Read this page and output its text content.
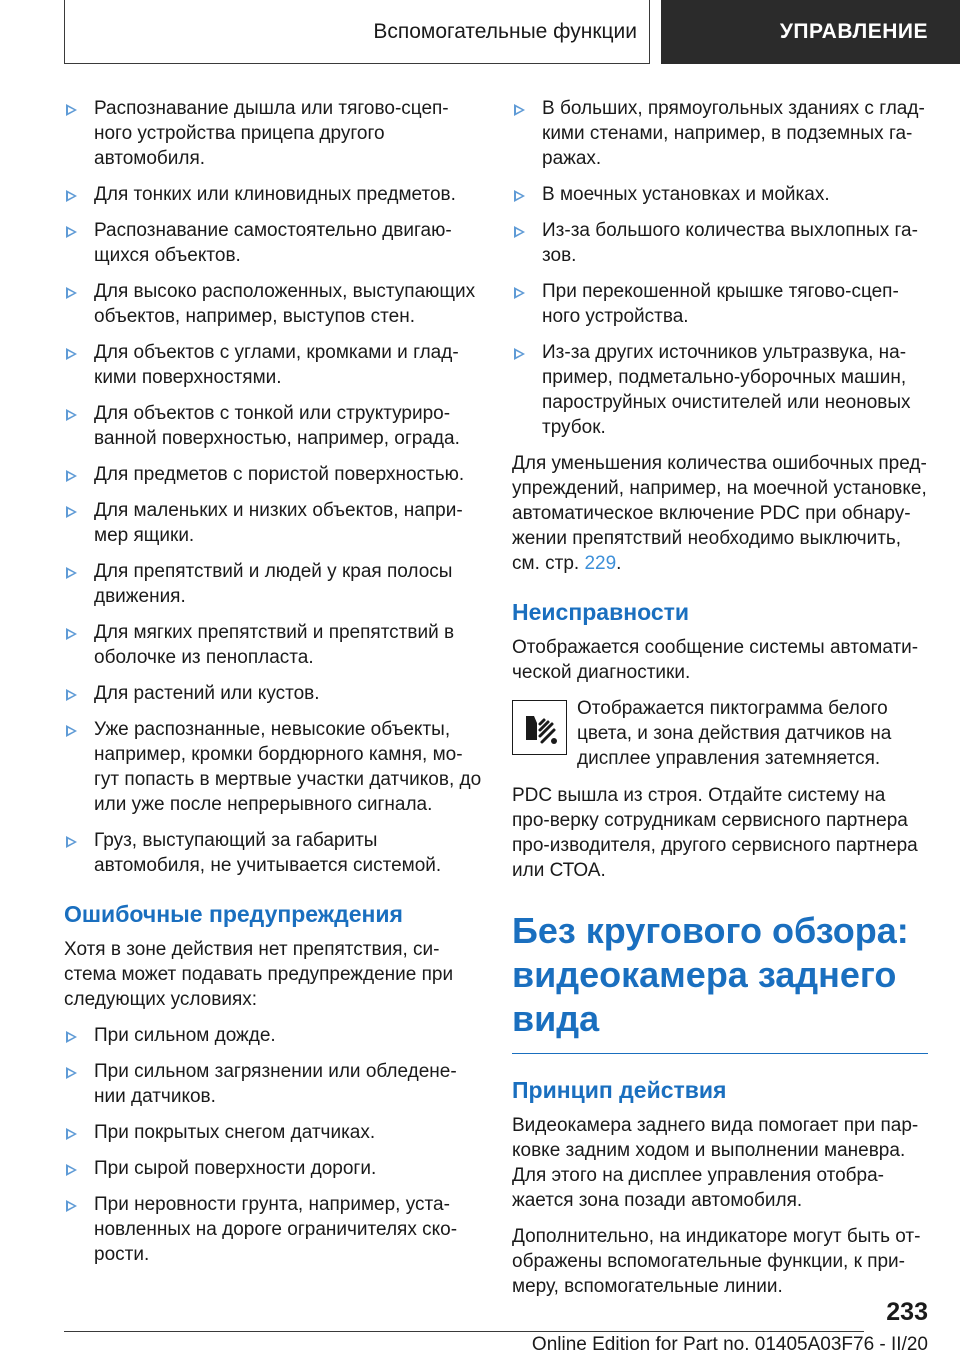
Вспомогательные функции	УПРАВЛЕНИЕ
Распознавание дышла или тягово-сцеп-ного устройства прицепа другого автомобиля.
Для тонких или клиновидных предметов.
Распознавание самостоятельно двигаю-щихся объектов.
Для высоко расположенных, выступающих объектов, например, выступов стен.
Для объектов с углами, кромками и глад-кими поверхностями.
Для объектов с тонкой или структуриро-ванной поверхностью, например, ограда.
Для предметов с пористой поверхностью.
Для маленьких и низких объектов, напри-мер ящики.
Для препятствий и людей у края полосы движения.
Для мягких препятствий и препятствий в оболочке из пенопласта.
Для растений или кустов.
Уже распознанные, невысокие объекты, например, кромки бордюрного камня, мо-гут попасть в мертвые участки датчиков, до или уже после непрерывного сигнала.
Груз, выступающий за габариты автомобиля, не учитывается системой.
Ошибочные предупреждения

Хотя в зоне действия нет препятствия, си-стема может подавать предупреждение при следующих условиях:

При сильном дожде.
При сильном загрязнении или обледене-нии датчиков.
При покрытых снегом датчиках.
При сырой поверхности дороги.
При неровности грунта, например, уста-новленных на дороге ограничителях ско-рости.
В больших, прямоугольных зданиях с глад-кими стенами, например, в подземных га-ражах.
В моечных установках и мойках.
Из-за большого количества выхлопных га-зов.
При перекошенной крышке тягово-сцеп-ного устройства.
Из-за других источников ультразвука, на-пример, подметально-уборочных машин, пароструйных очистителей или неоновых трубок.

Для уменьшения количества ошибочных пред-упреждений, например, на моечной установке, автоматическое включение PDC при обнару-жении препятствий необходимо выключить, см. стр. 229.

Неисправности

Отображается сообщение системы автомати-ческой диагностики.

Отображается пиктограмма белого цвета, и зона действия датчиков на дисплее управления затемняется.

PDC вышла из строя. Отдайте систему на про-верку сотрудникам сервисного партнера про-изводителя, другого сервисного партнера или СТОА.

Без кругового обзора: видеокамера заднего вида
Принцип действия

Видеокамера заднего вида помогает при пар-ковке задним ходом и выполнении маневра. Для этого на дисплее управления отобра-жается зона позади автомобиля.

Дополнительно, на индикаторе могут быть от-ображены вспомогательные функции, к при-меру, вспомогательные линии.

233
Online Edition for Part no. 01405A03F76 - II/20
